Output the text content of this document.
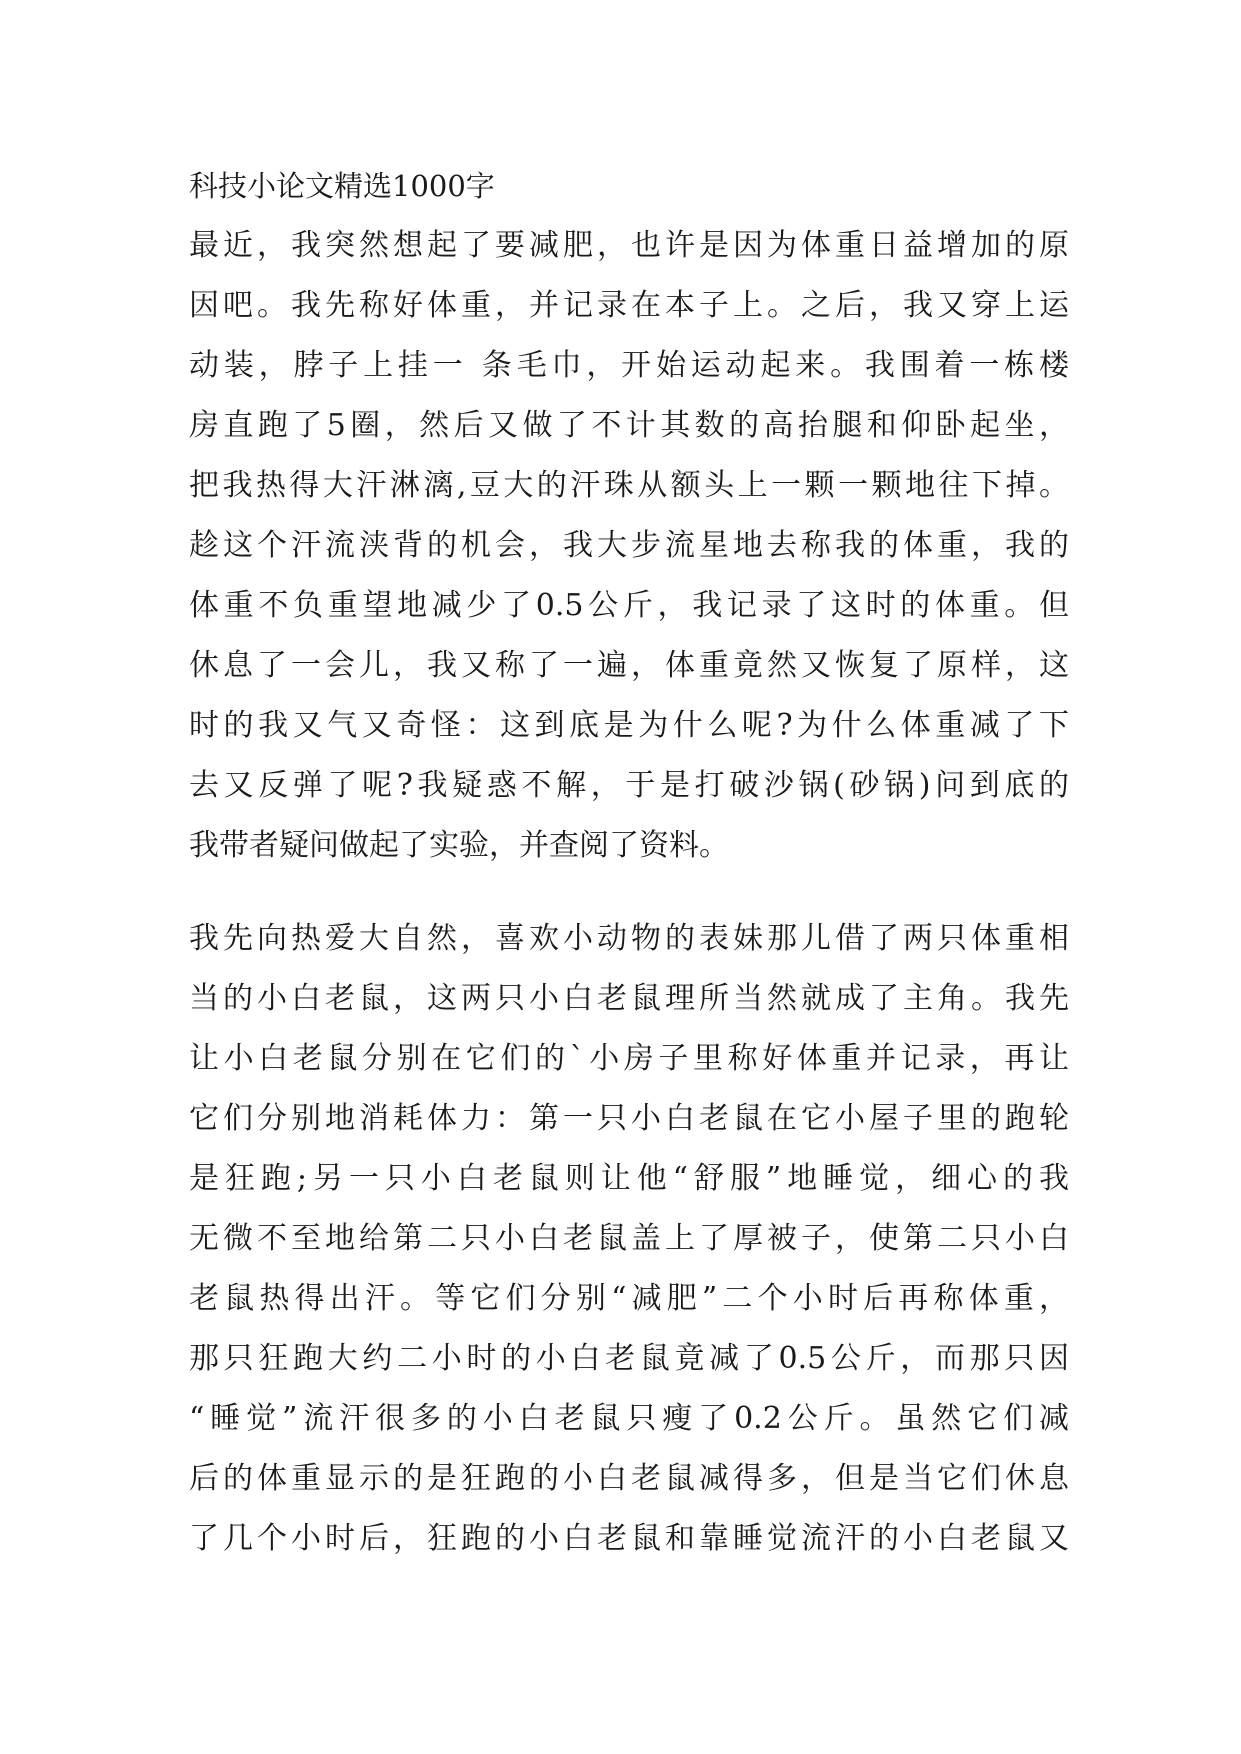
科技小论文精选1000字
最近，我突然想起了要减肥，也许是因为体重日益增加的原
因吧。我先称好体重，并记录在本子上。之后，我又穿上运
动装，脖子上挂一 条毛巾，开始运动起来。我围着一栋楼
房直跑了5圈，然后又做了不计其数的高抬腿和仰卧起坐，
把我热得大汗淋漓,豆大的汗珠从额头上一颗一颗地往下掉。
趁这个汗流浃背的机会，我大步流星地去称我的体重，我的
体重不负重望地减少了0.5公斤，我记录了这时的体重。但
休息了一会儿，我又称了一遍，体重竟然又恢复了原样，这
时的我又气又奇怪：这到底是为什么呢?为什么体重减了下
去又反弹了呢?我疑惑不解，于是打破沙锅(砂锅)问到底的
我带者疑问做起了实验，并查阅了资料。
我先向热爱大自然，喜欢小动物的表妹那儿借了两只体重相
当的小白老鼠，这两只小白老鼠理所当然就成了主角。我先
让小白老鼠分别在它们的`小房子里称好体重并记录，再让
它们分别地消耗体力：第一只小白老鼠在它小屋子里的跑轮
是狂跑;另一只小白老鼠则让他“舒服”地睡觉，细心的我
无微不至地给第二只小白老鼠盖上了厚被子，使第二只小白
老鼠热得出汗。等它们分别“减肥”二个小时后再称体重，
那只狂跑大约二小时的小白老鼠竟减了0.5公斤，而那只因
“睡觉”流汗很多的小白老鼠只瘦了0.2公斤。虽然它们减
后的体重显示的是狂跑的小白老鼠减得多，但是当它们休息
了几个小时后，狂跑的小白老鼠和靠睡觉流汗的小白老鼠又
